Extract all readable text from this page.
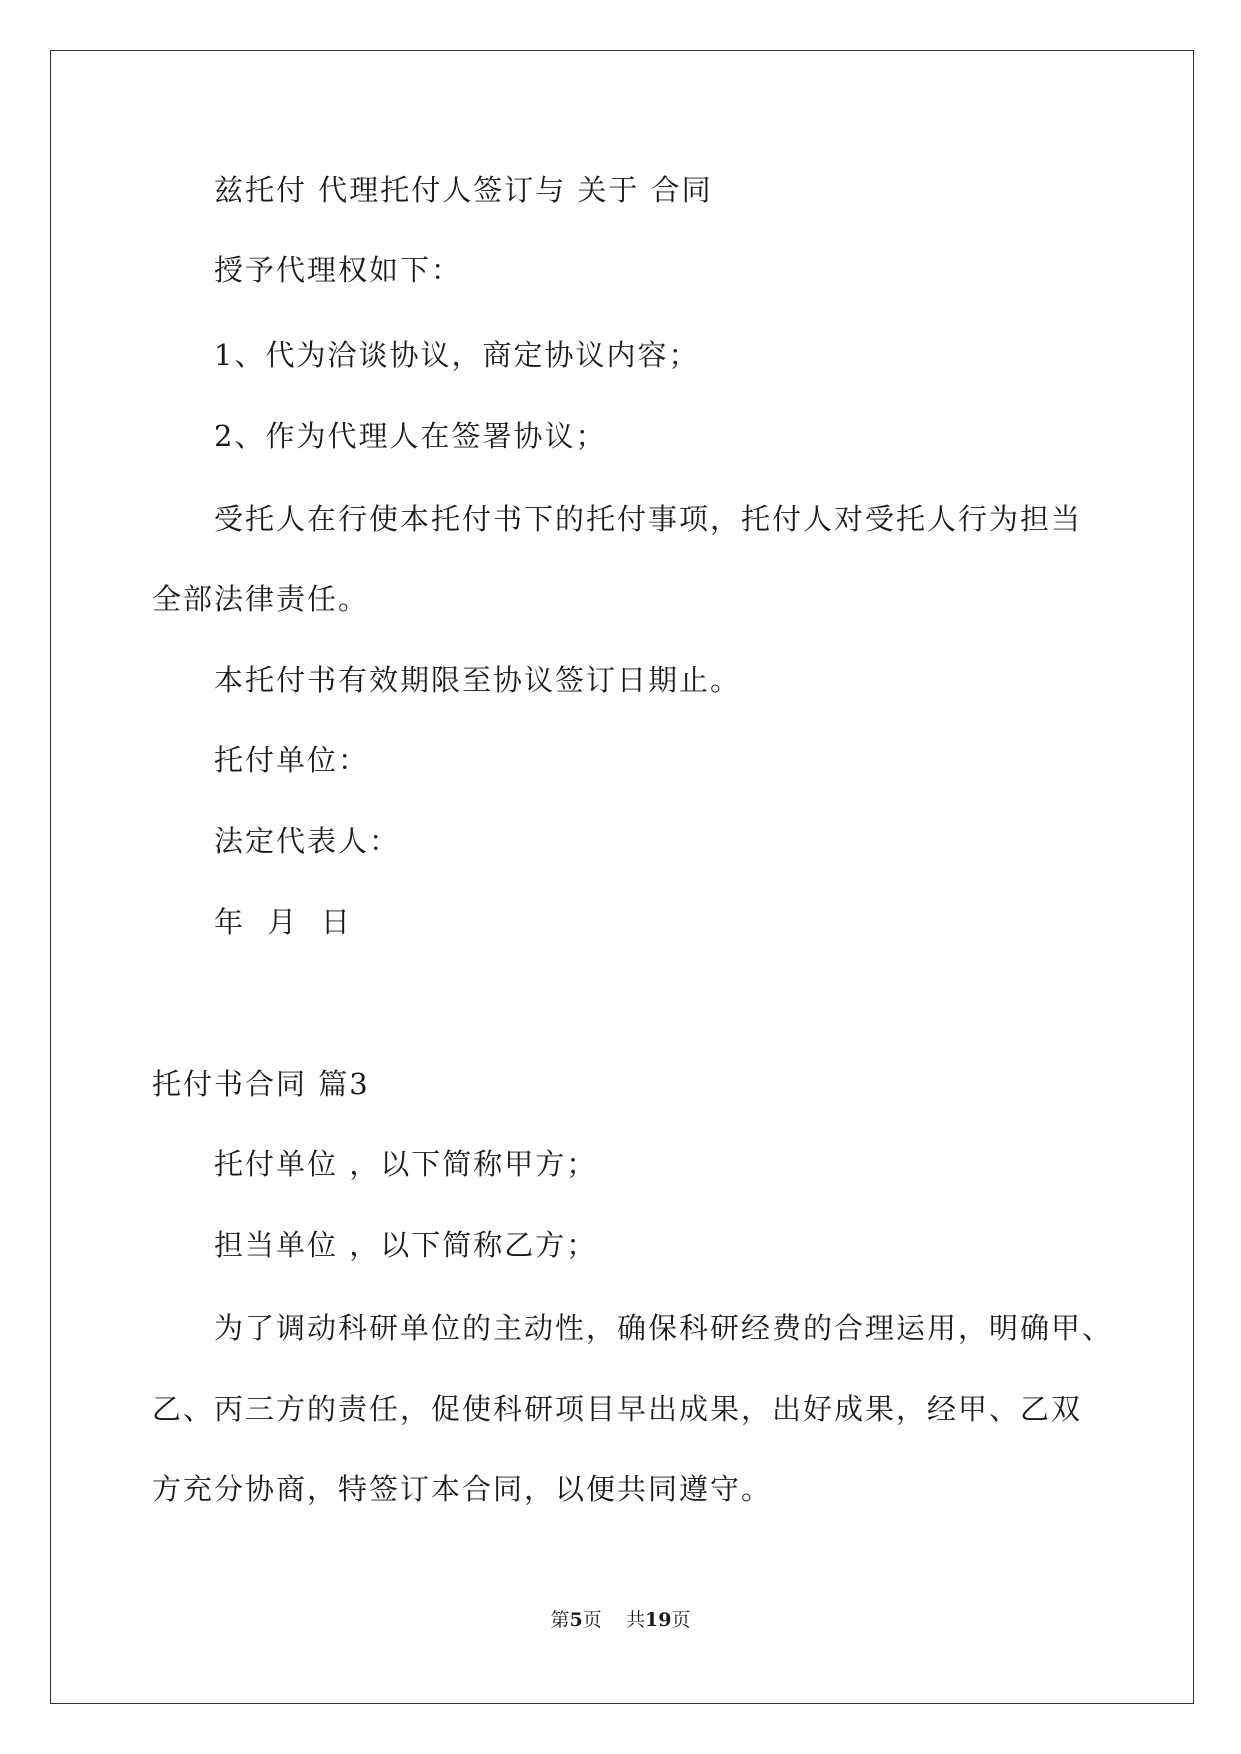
兹托付 代理托付人签订与 关于 合同
授予代理权如下：
1、代为洽谈协议，商定协议内容；
2、作为代理人在签署协议；
受托人在行使本托付书下的托付事项，托付人对受托人行为担当
全部法律责任。
本托付书有效期限至协议签订日期止。
托付单位：
法定代表人：
年  月  日
托付书合同 篇3
托付单位 ，以下简称甲方；
担当单位 ，以下简称乙方；
为了调动科研单位的主动性，确保科研经费的合理运用，明确甲、
乙、丙三方的责任，促使科研项目早出成果，出好成果，经甲、乙双
方充分协商，特签订本合同，以便共同遵守。
第5页 共19页
